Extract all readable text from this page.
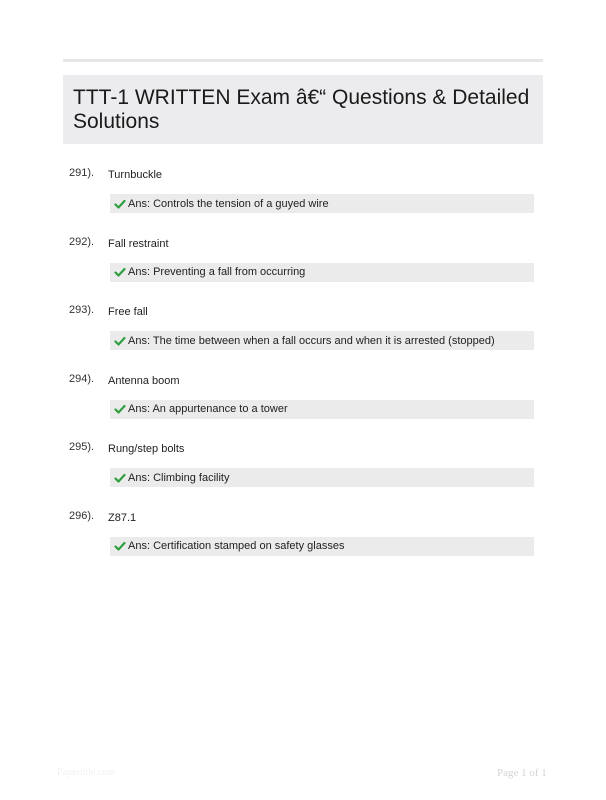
TTT-1 WRITTEN Exam â€“ Questions & Detailed Solutions
291). Turnbuckle
Ans: Controls the tension of a guyed wire
292). Fall restraint
Ans: Preventing a fall from occurring
293). Free fall
Ans: The time between when a fall occurs and when it is arrested (stopped)
294). Antenna boom
Ans: An appurtenance to a tower
295). Rung/step bolts
Ans: Climbing facility
296). Z87.1
Ans: Certification stamped on safety glasses
Papertitle.com	Page 1 of 1
